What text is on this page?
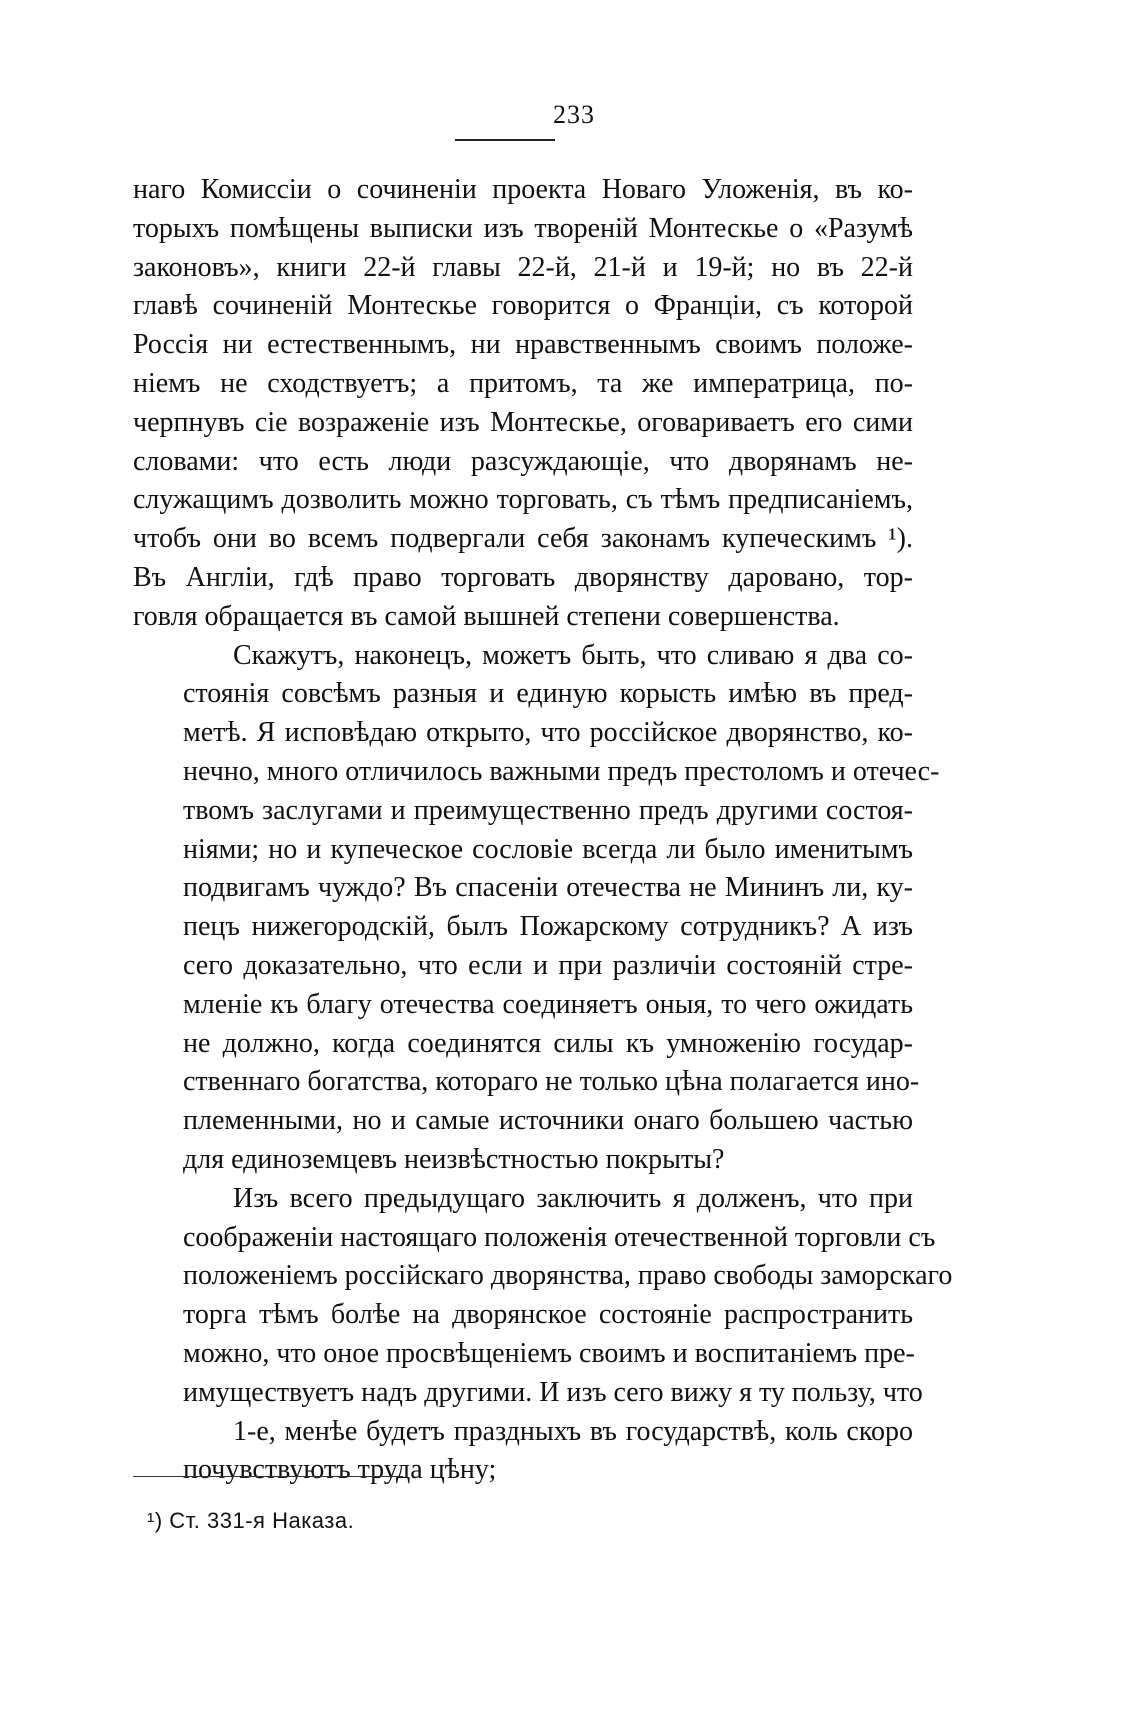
233
наго Комиссіи о сочиненіи проекта Новаго Уложенія, въ ко-
торыхъ помѣщены выписки изъ твореній Монтескье о «Разумѣ
законовъ», книги 22-й главы 22-й, 21-й и 19-й; но въ 22-й
главѣ сочиненій Монтескье говорится о Франціи, съ которой
Россія ни естественнымъ, ни нравственнымъ своимъ положе-
ніемъ не сходствуетъ; а притомъ, та же императрица, по-
черпнувъ сіе возраженіе изъ Монтескье, оговариваетъ его сими
словами: что есть люди разсуждающіе, что дворянамъ не-
служащимъ дозволить можно торговать, съ тѣмъ предписаніемъ,
чтобъ они во всемъ подвергали себя законамъ купеческимъ ¹).
Въ Англіи, гдѣ право торговать дворянству даровано, тор-
говля обращается въ самой вышней степени совершенства.
Скажутъ, наконецъ, можетъ быть, что сливаю я два со-
стоянія совсѣмъ разныя и единую корысть имѣю въ пред-
метѣ. Я исповѣдаю открыто, что россійское дворянство, ко-
нечно, много отличилось важными предъ престоломъ и отечес-
твомъ заслугами и преимущественно предъ другими состоя-
ніями; но и купеческое сословіе всегда ли было именитымъ
подвигамъ чуждо? Въ спасеніи отечества не Мининъ ли, ку-
пецъ нижегородскій, былъ Пожарскому сотрудникъ? А изъ
сего доказательно, что если и при различіи состояній стре-
мленіе къ благу отечества соединяетъ оныя, то чего ожидать
не должно, когда соединятся силы къ умноженію государ-
ственнаго богатства, котораго не только цѣна полагается ино-
племенными, но и самые источники онаго большею частью
для единоземцевъ неизвѣстностью покрыты?
Изъ всего предыдущаго заключить я долженъ, что при
соображеніи настоящаго положенія отечественной торговли съ
положеніемъ россійскаго дворянства, право свободы заморскаго
торга тѣмъ болѣе на дворянское состояніе распространить
можно, что оное просвѣщеніемъ своимъ и воспитаніемъ пре-
имуществуетъ надъ другими. И изъ сего вижу я ту пользу, что
1-е, менѣе будетъ праздныхъ въ государствѣ, коль скоро
почувствуютъ труда цѣну;
¹) Ст. 331-я Наказа.
